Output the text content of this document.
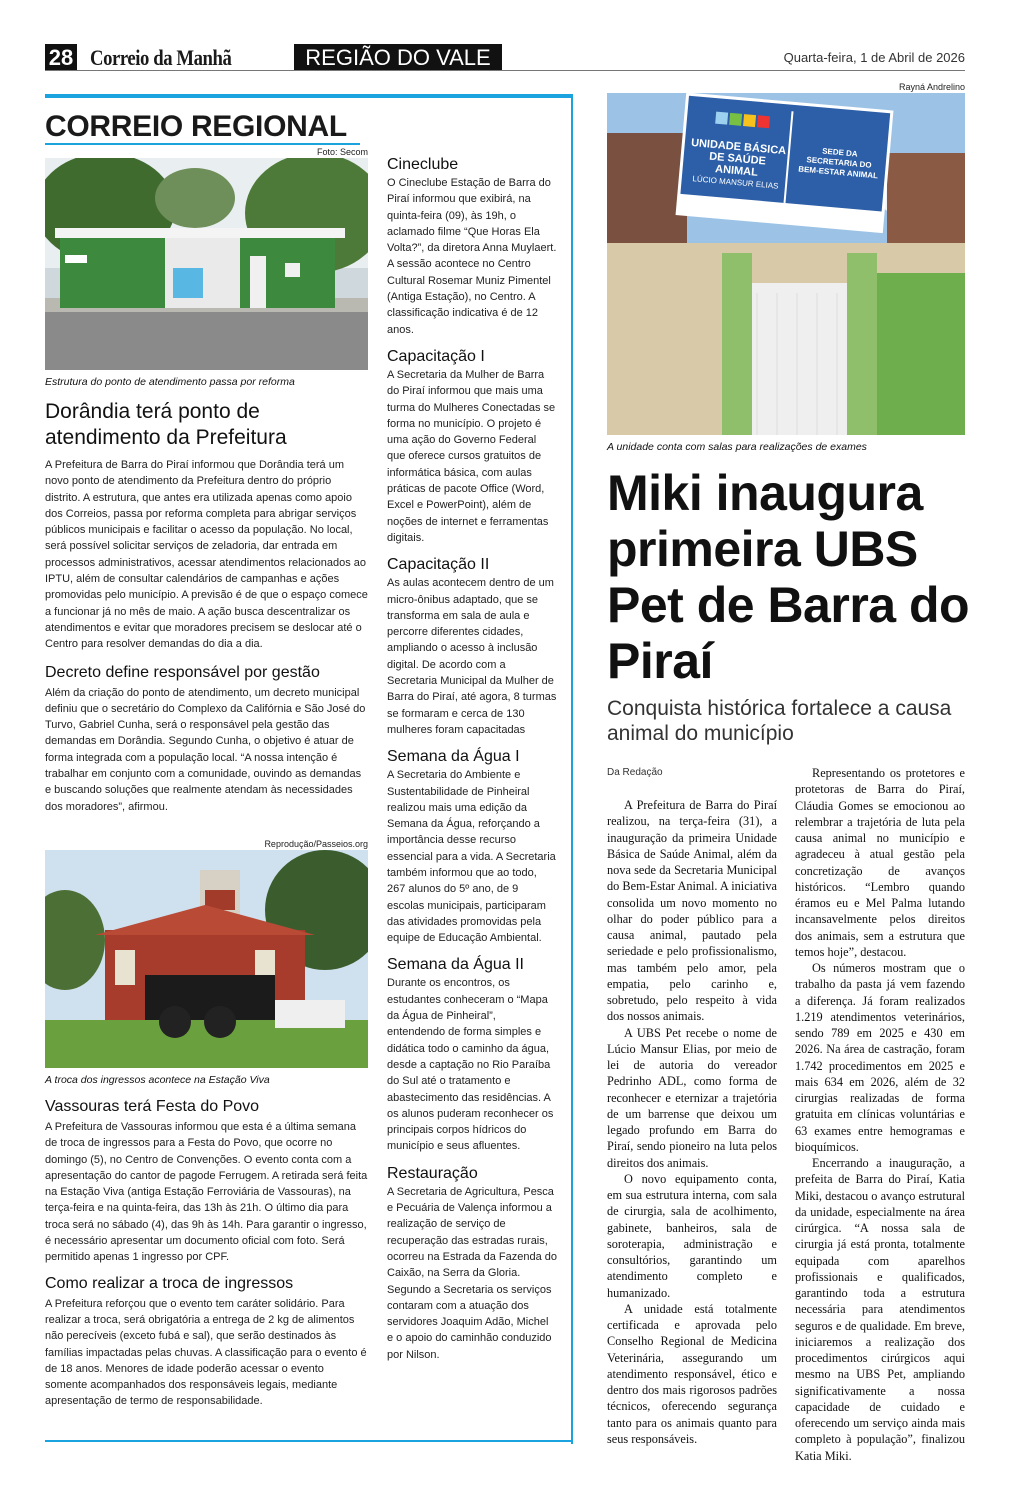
28 Correio da Manhã	REGIÃO DO VALE	Quarta-feira, 1 de Abril de 2026
CORREIO REGIONAL
Foto: Secom
Estrutura do ponto de atendimento passa por reforma
Dorândia terá ponto de atendimento da Prefeitura
A Prefeitura de Barra do Piraí informou que Dorândia terá um novo ponto de atendimento da Prefeitura dentro do próprio distrito. A estrutura, que antes era utilizada apenas como apoio dos Correios, passa por reforma completa para abrigar serviços públicos municipais e facilitar o acesso da população. No local, será possível solicitar serviços de zeladoria, dar entrada em processos administrativos, acessar atendimentos relacionados ao IPTU, além de consultar calendários de campanhas e ações promovidas pelo município. A previsão é de que o espaço comece a funcionar já no mês de maio. A ação busca descentralizar os atendimentos e evitar que moradores precisem se deslocar até o Centro para resolver demandas do dia a dia.
Decreto define responsável por gestão
Além da criação do ponto de atendimento, um decreto municipal definiu que o secretário do Complexo da Califórnia e São José do Turvo, Gabriel Cunha, será o responsável pela gestão das demandas em Dorândia. Segundo Cunha, o objetivo é atuar de forma integrada com a população local. “A nossa intenção é trabalhar em conjunto com a comunidade, ouvindo as demandas e buscando soluções que realmente atendam às necessidades dos moradores”, afirmou.
Reprodução/Passeios.org
A troca dos ingressos acontece na Estação Viva
Vassouras terá Festa do Povo
A Prefeitura de Vassouras informou que esta é a última semana de troca de ingressos para a Festa do Povo, que ocorre no domingo (5), no Centro de Convenções. O evento conta com a apresentação do cantor de pagode Ferrugem. A retirada será feita na Estação Viva (antiga Estação Ferroviária de Vassouras), na terça-feira e na quinta-feira, das 13h às 21h. O último dia para troca será no sábado (4), das 9h às 14h. Para garantir o ingresso, é necessário apresentar um documento oficial com foto. Será permitido apenas 1 ingresso por CPF.
Como realizar a troca de ingressos
A Prefeitura reforçou que o evento tem caráter solidário. Para realizar a troca, será obrigatória a entrega de 2 kg de alimentos não perecíveis (exceto fubá e sal), que serão destinados às famílias impactadas pelas chuvas. A classificação para o evento é de 18 anos. Menores de idade poderão acessar o evento somente acompanhados dos responsáveis legais, mediante apresentação de termo de responsabilidade.
Cineclube
O Cineclube Estação de Barra do Piraí informou que exibirá, na quinta-feira (09), às 19h, o aclamado filme “Que Horas Ela Volta?”, da diretora Anna Muylaert. A sessão acontece no Centro Cultural Rosemar Muniz Pimentel (Antiga Estação), no Centro. A classificação indicativa é de 12 anos.
Capacitação I
A Secretaria da Mulher de Barra do Piraí informou que mais uma turma do Mulheres Conectadas se forma no município. O projeto é uma ação do Governo Federal que oferece cursos gratuitos de informática básica, com aulas práticas de pacote Office (Word, Excel e PowerPoint), além de noções de internet e ferramentas digitais.
Capacitação II
As aulas acontecem dentro de um micro-ônibus adaptado, que se transforma em sala de aula e percorre diferentes cidades, ampliando o acesso à inclusão digital. De acordo com a Secretaria Municipal da Mulher de Barra do Piraí, até agora, 8 turmas se formaram e cerca de 130 mulheres foram capacitadas
Semana da Água I
A Secretaria do Ambiente e Sustentabilidade de Pinheiral realizou mais uma edição da Semana da Água, reforçando a importância desse recurso essencial para a vida. A Secretaria também informou que ao todo, 267 alunos do 5º ano, de 9 escolas municipais, participaram das atividades promovidas pela equipe de Educação Ambiental.
Semana da Água II
Durante os encontros, os estudantes conheceram o “Mapa da Água de Pinheiral”, entendendo de forma simples e didática todo o caminho da água, desde a captação no Rio Paraíba do Sul até o tratamento e abastecimento das residências. A os alunos puderam reconhecer os principais corpos hídricos do município e seus afluentes.
Restauração
A Secretaria de Agricultura, Pesca e Pecuária de Valença informou a realização de serviço de recuperação das estradas rurais, ocorreu na Estrada da Fazenda do Caixão, na Serra da Gloria. Segundo a Secretaria os serviços contaram com a atuação dos servidores Joaquim Adão, Michel e o apoio do caminhão conduzido por Nilson.
Rayná Andrelino
UNIDADE BÁSICA DE SAÚDE ANIMAL
LÚCIO MANSUR ELIAS
SEDE DA SECRETARIA DO BEM-ESTAR ANIMAL
A unidade conta com salas para realizações de exames
Miki inaugura primeira UBS Pet de Barra do Piraí
Conquista histórica fortalece a causa animal do município
Da Redação

A Prefeitura de Barra do Piraí realizou, na terça-feira (31), a inauguração da primeira Unidade Básica de Saúde Animal, além da nova sede da Secretaria Municipal do Bem-Estar Animal. A iniciativa consolida um novo momento no olhar do poder público para a causa animal, pautado pela seriedade e pelo profissionalismo, mas também pelo amor, pela empatia, pelo carinho e, sobretudo, pelo respeito à vida dos nossos animais.

A UBS Pet recebe o nome de Lúcio Mansur Elias, por meio de lei de autoria do vereador Pedrinho ADL, como forma de reconhecer e eternizar a trajetória de um barrense que deixou um legado profundo em Barra do Piraí, sendo pioneiro na luta pelos direitos dos animais.

O novo equipamento conta, em sua estrutura interna, com sala de cirurgia, sala de acolhimento, gabinete, banheiros, sala de soroterapia, administração e consultórios, garantindo um atendimento completo e humanizado.

A unidade está totalmente certificada e aprovada pelo Conselho Regional de Medicina Veterinária, assegurando um atendimento responsável, ético e dentro dos mais rigorosos padrões técnicos, oferecendo segurança tanto para os animais quanto para seus responsáveis.

Representando os protetores e protetoras de Barra do Piraí, Cláudia Gomes se emocionou ao relembrar a trajetória de luta pela causa animal no município e agradeceu à atual gestão pela concretização de avanços históricos. “Lembro quando éramos eu e Mel Palma lutando incansavelmente pelos direitos dos animais, sem a estrutura que temos hoje”, destacou.

Os números mostram que o trabalho da pasta já vem fazendo a diferença. Já foram realizados 1.219 atendimentos veterinários, sendo 789 em 2025 e 430 em 2026. Na área de castração, foram 1.742 procedimentos em 2025 e mais 634 em 2026, além de 32 cirurgias realizadas de forma gratuita em clínicas voluntárias e 63 exames entre hemogramas e bioquímicos.

Encerrando a inauguração, a prefeita de Barra do Piraí, Katia Miki, destacou o avanço estrutural da unidade, especialmente na área cirúrgica. “A nossa sala de cirurgia já está pronta, totalmente equipada com aparelhos profissionais e qualificados, garantindo toda a estrutura necessária para atendimentos seguros e de qualidade. Em breve, iniciaremos a realização dos procedimentos cirúrgicos aqui mesmo na UBS Pet, ampliando significativamente a nossa capacidade de cuidado e oferecendo um serviço ainda mais completo à população”, finalizou Katia Miki.
